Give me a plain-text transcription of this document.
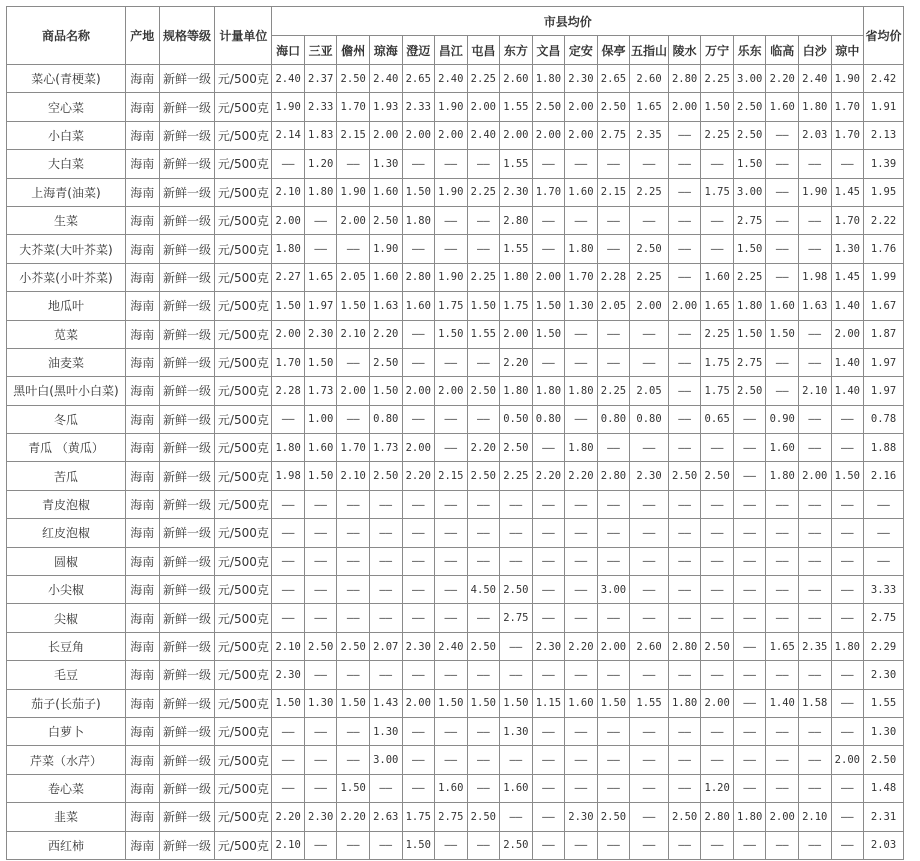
商品名称	产地	规格等级	计量单位	市县均价																		省均价
				海口	三亚	儋州	琼海	澄迈	昌江	屯昌	东方	文昌	定安	保亭	五指山	陵水	万宁	乐东	临高	白沙	琼中	
菜心(青梗菜)	海南	新鲜一级	元/500克	2.40	2.37	2.50	2.40	2.65	2.40	2.25	2.60	1.80	2.30	2.65	2.60	2.80	2.25	3.00	2.20	2.40	1.90	2.42
空心菜	海南	新鲜一级	元/500克	1.90	2.33	1.70	1.93	2.33	1.90	2.00	1.55	2.50	2.00	2.50	1.65	2.00	1.50	2.50	1.60	1.80	1.70	1.91
小白菜	海南	新鲜一级	元/500克	2.14	1.83	2.15	2.00	2.00	2.00	2.40	2.00	2.00	2.00	2.75	2.35	——	2.25	2.50	——	2.03	1.70	2.13
大白菜	海南	新鲜一级	元/500克	——	1.20	——	1.30	——	——	——	1.55	——	——	——	——	——	——	1.50	——	——	——	1.39
上海青(油菜)	海南	新鲜一级	元/500克	2.10	1.80	1.90	1.60	1.50	1.90	2.25	2.30	1.70	1.60	2.15	2.25	——	1.75	3.00	——	1.90	1.45	1.95
生菜	海南	新鲜一级	元/500克	2.00	——	2.00	2.50	1.80	——	——	2.80	——	——	——	——	——	——	2.75	——	——	1.70	2.22
大芥菜(大叶芥菜)	海南	新鲜一级	元/500克	1.80	——	——	1.90	——	——	——	1.55	——	1.80	——	2.50	——	——	1.50	——	——	1.30	1.76
小芥菜(小叶芥菜)	海南	新鲜一级	元/500克	2.27	1.65	2.05	1.60	2.80	1.90	2.25	1.80	2.00	1.70	2.28	2.25	——	1.60	2.25	——	1.98	1.45	1.99
地瓜叶	海南	新鲜一级	元/500克	1.50	1.97	1.50	1.63	1.60	1.75	1.50	1.75	1.50	1.30	2.05	2.00	2.00	1.65	1.80	1.60	1.63	1.40	1.67
苋菜	海南	新鲜一级	元/500克	2.00	2.30	2.10	2.20	——	1.50	1.55	2.00	1.50	——	——	——	——	2.25	1.50	1.50	——	2.00	1.87
油麦菜	海南	新鲜一级	元/500克	1.70	1.50	——	2.50	——	——	——	2.20	——	——	——	——	——	1.75	2.75	——	——	1.40	1.97
黑叶白(黑叶小白菜)	海南	新鲜一级	元/500克	2.28	1.73	2.00	1.50	2.00	2.00	2.50	1.80	1.80	1.80	2.25	2.05	——	1.75	2.50	——	2.10	1.40	1.97
冬瓜	海南	新鲜一级	元/500克	——	1.00	——	0.80	——	——	——	0.50	0.80	——	0.80	0.80	——	0.65	——	0.90	——	——	0.78
青瓜 （黄瓜）	海南	新鲜一级	元/500克	1.80	1.60	1.70	1.73	2.00	——	2.20	2.50	——	1.80	——	——	——	——	——	1.60	——	——	1.88
苦瓜	海南	新鲜一级	元/500克	1.98	1.50	2.10	2.50	2.20	2.15	2.50	2.25	2.20	2.20	2.80	2.30	2.50	2.50	——	1.80	2.00	1.50	2.16
青皮泡椒	海南	新鲜一级	元/500克	——	——	——	——	——	——	——	——	——	——	——	——	——	——	——	——	——	——	——
红皮泡椒	海南	新鲜一级	元/500克	——	——	——	——	——	——	——	——	——	——	——	——	——	——	——	——	——	——	——
圆椒	海南	新鲜一级	元/500克	——	——	——	——	——	——	——	——	——	——	——	——	——	——	——	——	——	——	——
小尖椒	海南	新鲜一级	元/500克	——	——	——	——	——	——	4.50	2.50	——	——	3.00	——	——	——	——	——	——	——	3.33
尖椒	海南	新鲜一级	元/500克	——	——	——	——	——	——	——	2.75	——	——	——	——	——	——	——	——	——	——	2.75
长豆角	海南	新鲜一级	元/500克	2.10	2.50	2.50	2.07	2.30	2.40	2.50	——	2.30	2.20	2.00	2.60	2.80	2.50	——	1.65	2.35	1.80	2.29
毛豆	海南	新鲜一级	元/500克	2.30	——	——	——	——	——	——	——	——	——	——	——	——	——	——	——	——	——	2.30
茄子(长茄子)	海南	新鲜一级	元/500克	1.50	1.30	1.50	1.43	2.00	1.50	1.50	1.50	1.15	1.60	1.50	1.55	1.80	2.00	——	1.40	1.58	——	1.55
白萝卜	海南	新鲜一级	元/500克	——	——	——	1.30	——	——	——	1.30	——	——	——	——	——	——	——	——	——	——	1.30
芹菜（水芹）	海南	新鲜一级	元/500克	——	——	——	3.00	——	——	——	——	——	——	——	——	——	——	——	——	——	2.00	2.50
卷心菜	海南	新鲜一级	元/500克	——	——	1.50	——	——	1.60	——	1.60	——	——	——	——	——	1.20	——	——	——	——	1.48
韭菜	海南	新鲜一级	元/500克	2.20	2.30	2.20	2.63	1.75	2.75	2.50	——	——	2.30	2.50	——	2.50	2.80	1.80	2.00	2.10	——	2.31
西红柿	海南	新鲜一级	元/500克	2.10	——	——	——	1.50	——	——	2.50	——	——	——	——	——	——	——	——	——	——	2.03
